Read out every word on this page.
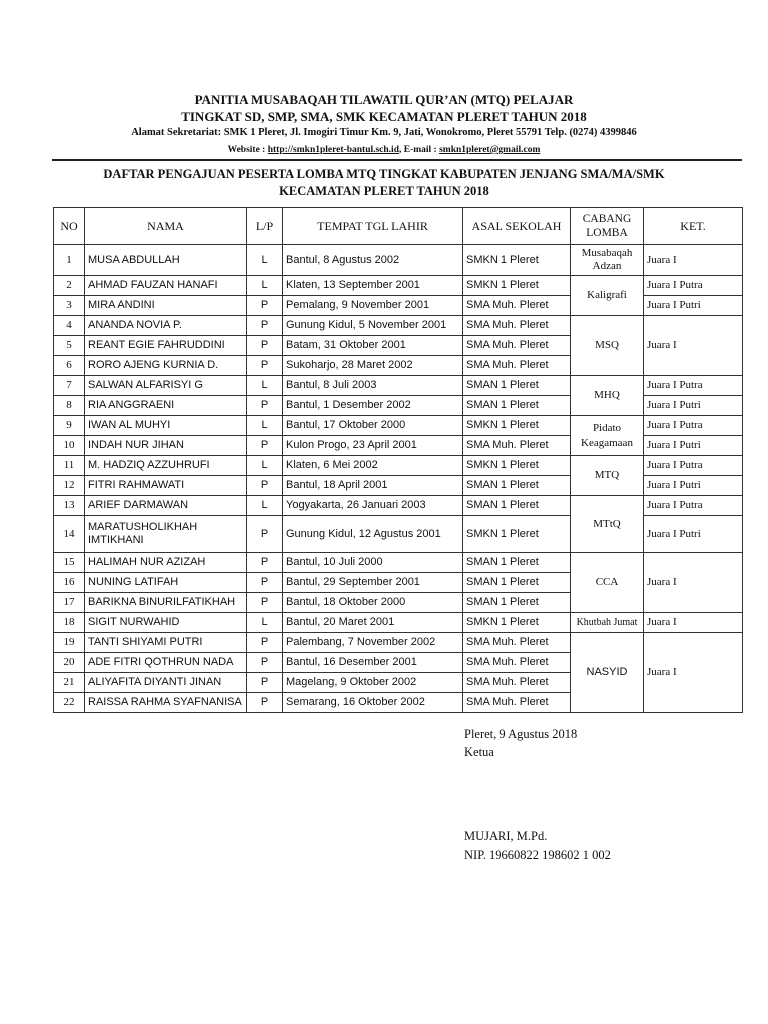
PANITIA MUSABAQAH TILAWATIL QUR’AN (MTQ) PELAJAR
TINGKAT SD, SMP, SMA, SMK KECAMATAN PLERET TAHUN 2018
Alamat Sekretariat: SMK 1 Pleret, Jl. Imogiri Timur Km. 9, Jati, Wonokromo, Pleret 55791 Telp. (0274) 4399846
Website : http://smkn1pleret-bantul.sch.id, E-mail : smkn1pleret@gmail.com
DAFTAR PENGAJUAN PESERTA LOMBA MTQ TINGKAT KABUPATEN JENJANG SMA/MA/SMK
KECAMATAN PLERET TAHUN 2018
NO	NAMA	L/P	TEMPAT TGL LAHIR	ASAL SEKOLAH	CABANG LOMBA	KET.
1	MUSA ABDULLAH	L	Bantul, 8 Agustus 2002	SMKN 1 Pleret	Musabaqah Adzan	Juara I
2	AHMAD FAUZAN HANAFI	L	Klaten, 13 September 2001	SMKN 1 Pleret	Kaligrafi	Juara I Putra
3	MIRA ANDINI	P	Pemalang, 9 November 2001	SMA Muh. Pleret		Juara I Putri
4	ANANDA NOVIA P.	P	Gunung Kidul, 5 November 2001	SMA Muh. Pleret	MSQ	Juara I
5	REANT EGIE FAHRUDDINI	P	Batam, 31 Oktober 2001	SMA Muh. Pleret		
6	RORO AJENG KURNIA D.	P	Sukoharjo, 28 Maret 2002	SMA Muh. Pleret		
7	SALWAN ALFARISYI G	L	Bantul, 8 Juli 2003	SMAN 1 Pleret	MHQ	Juara I Putra
8	RIA ANGGRAENI	P	Bantul, 1 Desember 2002	SMAN 1 Pleret		Juara I Putri
9	IWAN AL MUHYI	L	Bantul, 17 Oktober 2000	SMKN 1 Pleret	Pidato Keagamaan	Juara I Putra
10	INDAH NUR JIHAN	P	Kulon Progo, 23 April 2001	SMA Muh. Pleret		Juara I Putri
11	M. HADZIQ AZZUHRUFI	L	Klaten, 6 Mei 2002	SMKN 1 Pleret	MTQ	Juara I Putra
12	FITRI RAHMAWATI	P	Bantul, 18 April 2001	SMAN 1 Pleret		Juara I Putri
13	ARIEF DARMAWAN	L	Yogyakarta, 26 Januari 2003	SMAN 1 Pleret	MTtQ	Juara I Putra
14	MARATUSHOLIKHAH IMTIKHANI	P	Gunung Kidul, 12 Agustus 2001	SMKN 1 Pleret		Juara I Putri
15	HALIMAH NUR AZIZAH	P	Bantul, 10 Juli 2000	SMAN 1 Pleret	CCA	Juara I
16	NUNING LATIFAH	P	Bantul, 29 September 2001	SMAN 1 Pleret		
17	BARIKNA BINURILFATIKHAH	P	Bantul, 18 Oktober 2000	SMAN 1 Pleret		
18	SIGIT NURWAHID	L	Bantul, 20 Maret 2001	SMKN 1 Pleret	Khutbah Jumat	Juara I
19	TANTI SHIYAMI PUTRI	P	Palembang, 7 November 2002	SMA Muh. Pleret	NASYID	Juara I
20	ADE FITRI QOTHRUN NADA	P	Bantul, 16 Desember 2001	SMA Muh. Pleret		
21	ALIYAFITA DIYANTI JINAN	P	Magelang, 9 Oktober 2002	SMA Muh. Pleret		
22	RAISSA RAHMA SYAFNANISA	P	Semarang, 16 Oktober 2002	SMA Muh. Pleret		
Pleret, 9 Agustus 2018
Ketua
MUJARI, M.Pd.
NIP. 19660822 198602 1 002
